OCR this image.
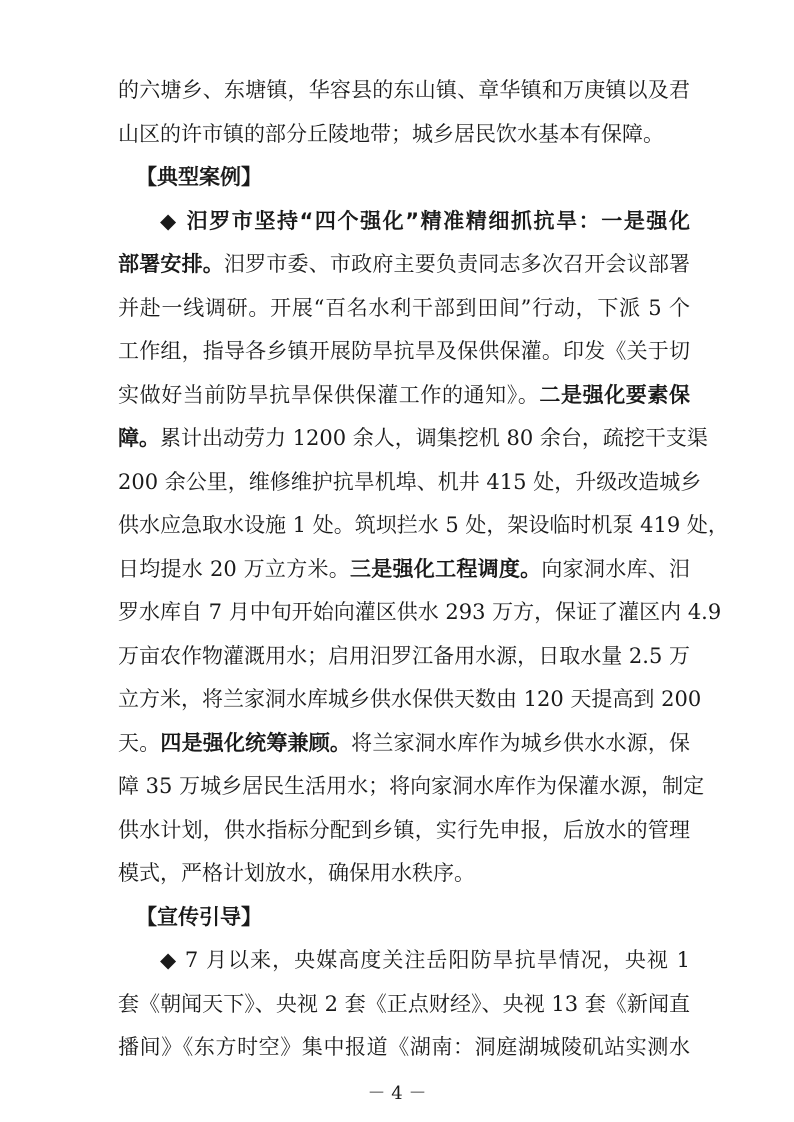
的六塘乡、东塘镇，华容县的东山镇、章华镇和万庚镇以及君

山区的许市镇的部分丘陵地带；城乡居民饮水基本有保障。

【典型案例】

◆ 汨罗市坚持“四个强化”精准精细抓抗旱：一是强化

部署安排。汨罗市委、市政府主要负责同志多次召开会议部署

并赴一线调研。开展“百名水利干部到田间”行动，下派 5 个

工作组，指导各乡镇开展防旱抗旱及保供保灌。印发《关于切

实做好当前防旱抗旱保供保灌工作的通知》。二是强化要素保

障。累计出动劳力 1200 余人，调集挖机 80 余台，疏挖干支渠

200 余公里，维修维护抗旱机埠、机井 415 处，升级改造城乡

供水应急取水设施 1 处。筑坝拦水 5 处，架设临时机泵 419 处，

日均提水 20 万立方米。三是强化工程调度。向家洞水库、汨

罗水库自 7 月中旬开始向灌区供水 293 万方，保证了灌区内 4.9

万亩农作物灌溉用水；启用汨罗江备用水源，日取水量 2.5 万

立方米，将兰家洞水库城乡供水保供天数由 120 天提高到 200

天。四是强化统筹兼顾。将兰家洞水库作为城乡供水水源，保

障 35 万城乡居民生活用水；将向家洞水库作为保灌水源，制定

供水计划，供水指标分配到乡镇，实行先申报，后放水的管理

模式，严格计划放水，确保用水秩序。

【宣传引导】

－ 4 －

◆ 7 月以来，央媒高度关注岳阳防旱抗旱情况，央视 1

套《朝闻天下》、央视 2 套《正点财经》、央视 13 套《新闻直

播间》《东方时空》集中报道《湖南：洞庭湖城陵矶站实测水
